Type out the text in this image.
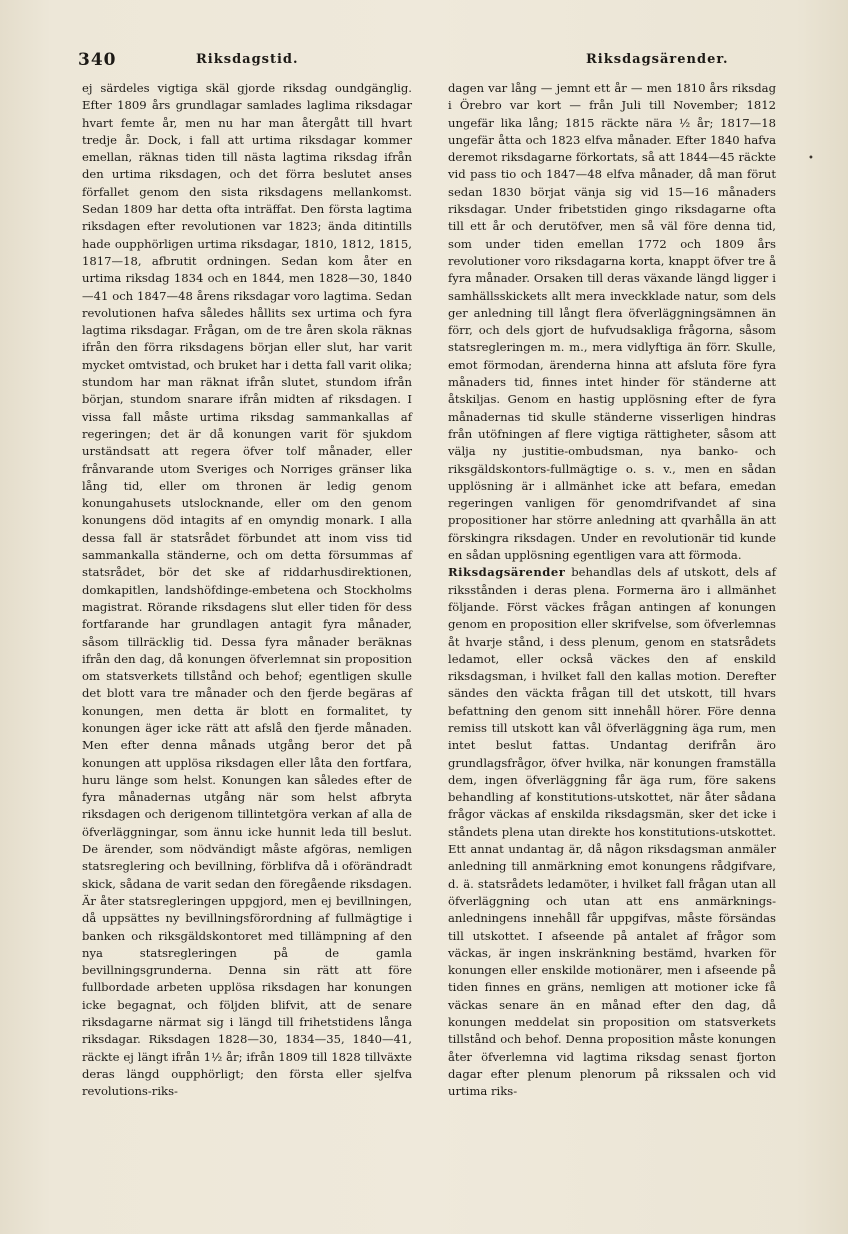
340	Riksdagstid.	Riksdagsärender.

ej särdeles vigtiga skäl gjorde riksdag oundgänglig. Efter 1809 års grundlagar samlades laglima riksdagar hvart femte år, men nu har man återgått till hvart tredje år. Dock, i fall att urtima riksdagar kommer emellan, räknas tiden till nästa lagtima riksdag ifrån den urtima riksdagen, och det förra beslutet anses förfallet genom den sista riksdagens mellankomst. Sedan 1809 har detta ofta inträffat. Den första lagtima riksdagen efter revolutionen var 1823; ända ditintills hade oupphörligen urtima riksdagar, 1810, 1812, 1815, 1817—18, afbrutit ordningen. Sedan kom åter en urtima riksdag 1834 och en 1844, men 1828—30, 1840—41 och 1847—48 årens riksdagar voro lagtima. Sedan revolutionen hafva således hållits sex urtima och fyra lagtima riksdagar. Frågan, om de tre åren skola räknas ifrån den förra riksdagens början eller slut, har varit mycket omtvistad, och bruket har i detta fall varit olika; stundom har man räknat ifrån slutet, stundom ifrån början, stundom snarare ifrån midten af riksdagen. I vissa fall måste urtima riksdag sammankallas af regeringen; det är då konungen varit för sjukdom urständsatt att regera öfver tolf månader, eller frånvarande utom Sveriges och Norriges gränser lika lång tid, eller om thronen är ledig genom konungahusets utslocknande, eller om den genom konungens död intagits af en omyndig monark. I alla dessa fall är statsrådet förbundet att inom viss tid sammankalla ständerne, och om detta försummas af statsrådet, bör det ske af riddarhusdirektionen, domkapitlen, landshöfdinge-embetena och Stockholms magistrat. Rörande riksdagens slut eller tiden för dess fortfarande har grundlagen antagit fyra månader, såsom tillräcklig tid. Dessa fyra månader beräknas ifrån den dag, då konungen öfverlemnat sin proposition om statsverkets tillstånd och behof; egentligen skulle det blott vara tre månader och den fjerde begäras af konungen, men detta är blott en formalitet, ty konungen äger icke rätt att afslå den fjerde månaden. Men efter denna månads utgång beror det på konungen att upplösa riksdagen eller låta den fortfara, huru länge som helst. Konungen kan således efter de fyra månadernas utgång när som helst afbryta riksdagen och derigenom tillintetgöra verkan af alla de öfverläggningar, som ännu icke hunnit leda till beslut. De ärender, som nödvändigt måste afgöras, nemligen statsreglering och bevillning, förblifva då i oförändradt skick, sådana de varit sedan den föregående riksdagen. Är åter statsregleringen uppgjord, men ej bevillningen, då uppsättes ny bevillningsförordning af fullmägtige i banken och riksgäldskontoret med tillämpning af den nya statsregleringen på de gamla bevillningsgrunderna. Denna sin rätt att före fullbordade arbeten upplösa riksdagen har konungen icke begagnat, och följden blifvit, att de senare riksdagarne närmat sig i längd till frihetstidens långa riksdagar. Riksdagen 1828—30, 1834—35, 1840—41, räckte ej längt ifrån 1½ år; ifrån 1809 till 1828 tillväxte deras längd oupphörligt; den första eller sjelfva revolutions-riks-

dagen var lång — jemnt ett år — men 1810 års riksdag i Örebro var kort — från Juli till November; 1812 ungefär lika lång; 1815 räckte nära ½ år; 1817—18 ungefär åtta och 1823 elfva månader. Efter 1840 hafva deremot riksdagarne förkortats, så att 1844—45 räckte vid pass tio och 1847—48 elfva månader, då man förut sedan 1830 börjat vänja sig vid 15—16 månaders riksdagar. Under fribetstiden gingo riksdagarne ofta till ett år och derutöfver, men så väl före denna tid, som under tiden emellan 1772 och 1809 års revolutioner voro riksdagarna korta, knappt öfver tre å fyra månader. Orsaken till deras växande längd ligger i samhällsskickets allt mera inveckklade natur, som dels ger anledning till långt flera öfverläggningsämnen än förr, och dels gjort de hufvudsakliga frågorna, såsom statsregleringen m. m., mera vidlyftiga än förr. Skulle, emot förmodan, ärenderna hinna att afsluta före fyra månaders tid, finnes intet hinder för ständerne att åtskiljas. Genom en hastig upplösning efter de fyra månadernas tid skulle ständerne visserligen hindras från utöfningen af flere vigtiga rättigheter, såsom att välja ny justitie-ombudsman, nya banko- och riksgäldskontors-fullmägtige o. s. v., men en sådan upplösning är i allmänhet icke att befara, emedan regeringen vanligen för genomdrifvandet af sina propositioner har större anledning att qvarhålla än att förskingra riksdagen. Under en revolutionär tid kunde en sådan upplösning egentligen vara att förmoda.

Riksdagsärender behandlas dels af utskott, dels af riksstånden i deras plena. Formerna äro i allmänhet följande. Först väckes frågan antingen af konungen genom en proposition eller skrifvelse, som öfverlemnas åt hvarje stånd, i dess plenum, genom en statsrådets ledamot, eller också väckes den af enskild riksdagsman, i hvilket fall den kallas motion. Derefter sändes den väckta frågan till det utskott, till hvars befattning den genom sitt innehåll hörer. Före denna remiss till utskott kan vål öfverläggning äga rum, men intet beslut fattas. Undantag derifrån äro grundlagsfrågor, öfver hvilka, när konungen framställa dem, ingen öfverläggning får äga rum, före sakens behandling af konstitutions-utskottet, när åter sådana frågor väckas af enskilda riksdagsmän, sker det icke i ståndets plena utan direkte hos konstitutions-utskottet. Ett annat undantag är, då någon riksdagsman anmäler anledning till anmärkning emot konungens rådgifvare, d. ä. statsrådets ledamöter, i hvilket fall frågan utan all öfverläggning och utan att ens anmärknings-anledningens innehåll får uppgifvas, måste försändas till utskottet. I afseende på antalet af frågor som väckas, är ingen inskränkning bestämd, hvarken för konungen eller enskilde motionärer, men i afseende på tiden finnes en gräns, nemligen att motioner icke få väckas senare än en månad efter den dag, då konungen meddelat sin proposition om statsverkets tillstånd och behof. Denna proposition måste konungen åter öfverlemna vid lagtima riksdag senast fjorton dagar efter plenum plenorum på rikssalen och vid urtima riks-

•
